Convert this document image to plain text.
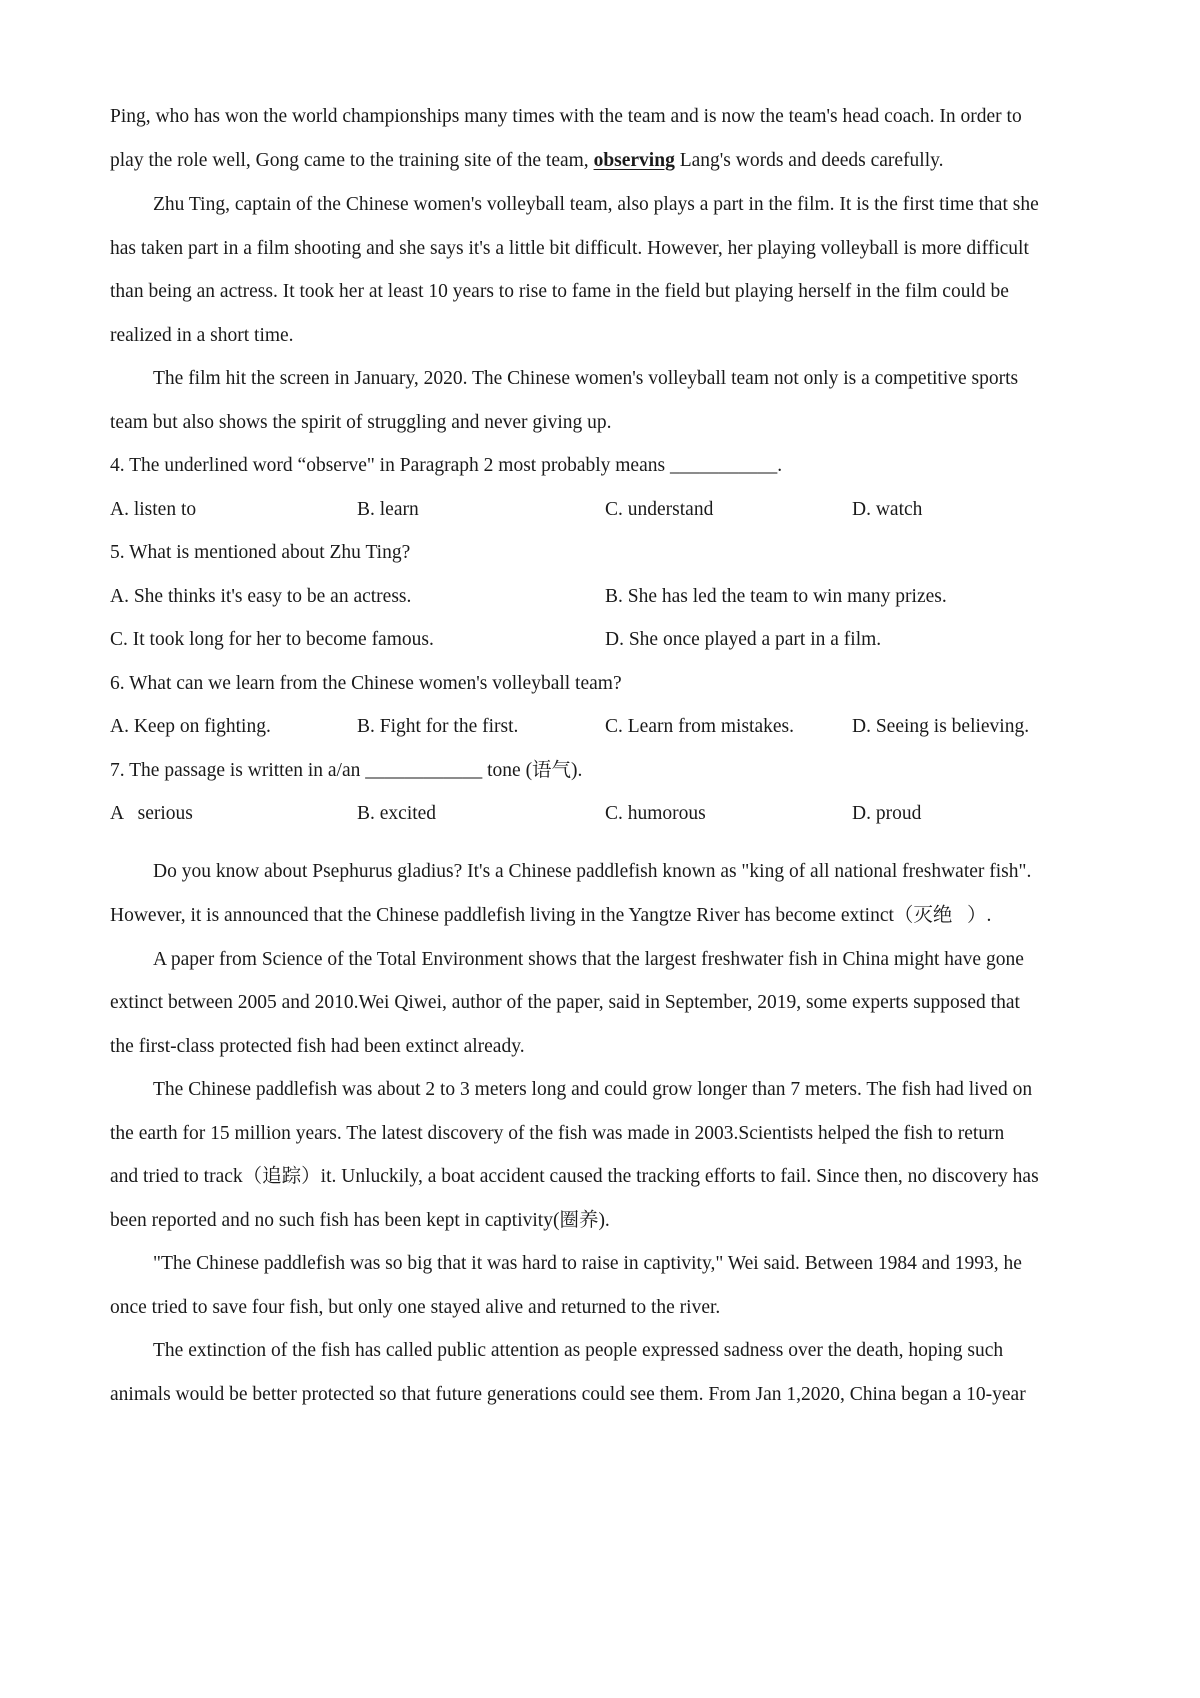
Ping, who has won the world championships many times with the team and is now the team's head coach. In order to
play the role well, Gong came to the training site of the team, observing Lang's words and deeds carefully.
Zhu Ting, captain of the Chinese women's volleyball team, also plays a part in the film. It is the first time that she
has taken part in a film shooting and she says it's a little bit difficult. However, her playing volleyball is more difficult
than being an actress. It took her at least 10 years to rise to fame in the field but playing herself in the film could be
realized in a short time.
The film hit the screen in January, 2020. The Chinese women's volleyball team not only is a competitive sports
team but also shows the spirit of struggling and never giving up.
4. The underlined word “observe" in Paragraph 2 most probably means ___________.
A. listen to	B. learn	C. understand	D. watch
5. What is mentioned about Zhu Ting?
A. She thinks it's easy to be an actress.	B. She has led the team to win many prizes.
C. It took long for her to become famous.	D. She once played a part in a film.
6. What can we learn from the Chinese women's volleyball team?
A. Keep on fighting.	B. Fight for the first.	C. Learn from mistakes.	D. Seeing is believing.
7. The passage is written in a/an ____________ tone (语气).
A   serious	B. excited	C. humorous	D. proud
Do you know about Psephurus gladius? It's a Chinese paddlefish known as "king of all national freshwater fish".
However, it is announced that the Chinese paddlefish living in the Yangtze River has become extinct（灭绝   ）.
A paper from Science of the Total Environment shows that the largest freshwater fish in China might have gone
extinct between 2005 and 2010.Wei Qiwei, author of the paper, said in September, 2019, some experts supposed that
the first-class protected fish had been extinct already.
The Chinese paddlefish was about 2 to 3 meters long and could grow longer than 7 meters. The fish had lived on
the earth for 15 million years. The latest discovery of the fish was made in 2003.Scientists helped the fish to return
and tried to track（追踪）it. Unluckily, a boat accident caused the tracking efforts to fail. Since then, no discovery has
been reported and no such fish has been kept in captivity(圈养).
"The Chinese paddlefish was so big that it was hard to raise in captivity," Wei said. Between 1984 and 1993, he
once tried to save four fish, but only one stayed alive and returned to the river.
The extinction of the fish has called public attention as people expressed sadness over the death, hoping such
animals would be better protected so that future generations could see them. From Jan 1,2020, China began a 10-year
